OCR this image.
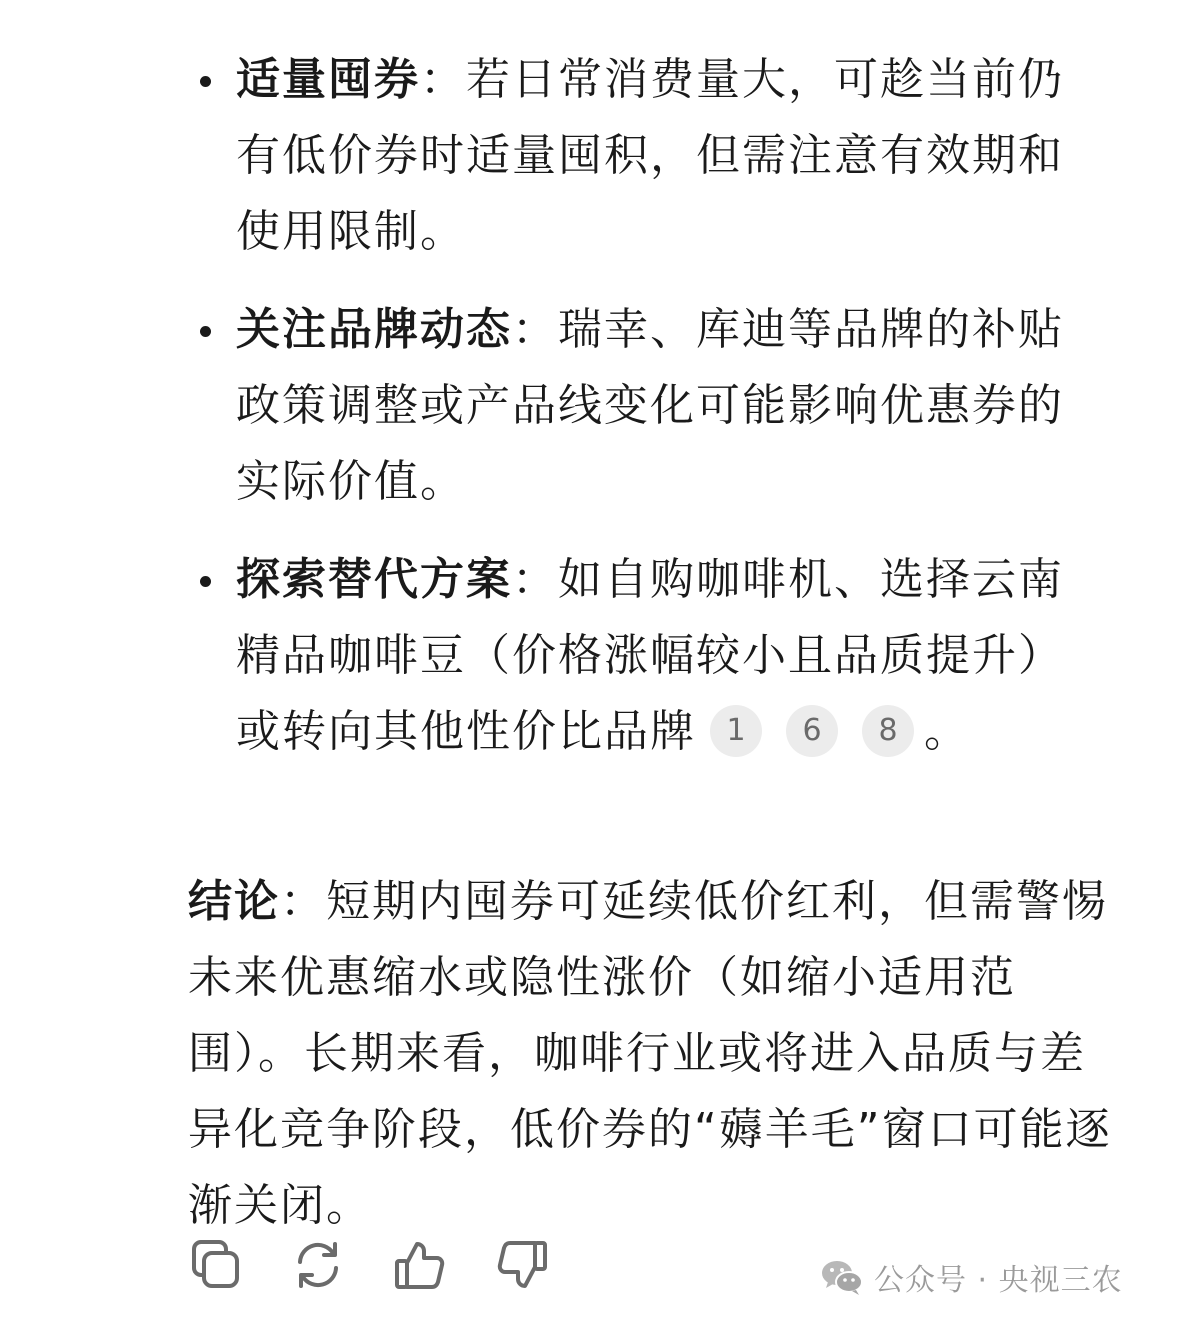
适量囤券：若日常消费量大，可趁当前仍有低价券时适量囤积，但需注意有效期和使用限制。
关注品牌动态：瑞幸、库迪等品牌的补贴政策调整或产品线变化可能影响优惠券的实际价值。
探索替代方案：如自购咖啡机、选择云南精品咖啡豆（价格涨幅较小且品质提升）或转向其他性价比品牌 1 6 8 。

结论：短期内囤券可延续低价红利，但需警惕未来优惠缩水或隐性涨价（如缩小适用范围）。长期来看，咖啡行业或将进入品质与差异化竞争阶段，低价券的“薅羊毛”窗口可能逐渐关闭。

公众号 · 央视三农
